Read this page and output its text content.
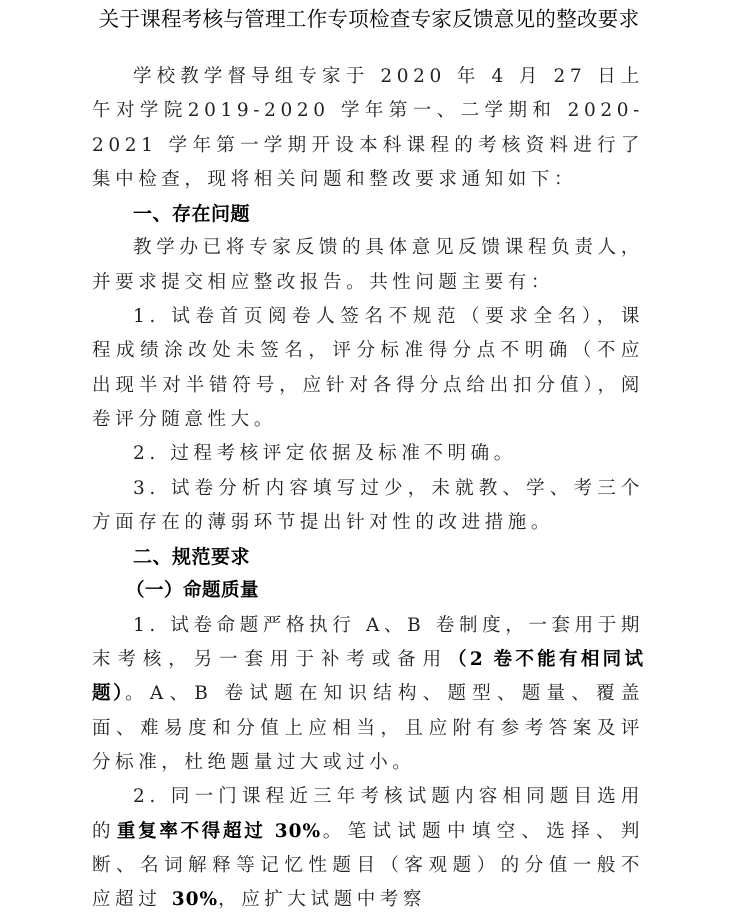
关于课程考核与管理工作专项检查专家反馈意见的整改要求

学校教学督导组专家于 2020 年 4 月 27 日上午对学院2019-2020 学年第一、二学期和 2020-2021 学年第一学期开设本科课程的考核资料进行了集中检查，现将相关问题和整改要求通知如下：

一、存在问题

教学办已将专家反馈的具体意见反馈课程负责人，并要求提交相应整改报告。共性问题主要有：

1. 试卷首页阅卷人签名不规范（要求全名），课程成绩涂改处未签名，评分标准得分点不明确（不应出现半对半错符号，应针对各得分点给出扣分值），阅卷评分随意性大。

2. 过程考核评定依据及标准不明确。

3. 试卷分析内容填写过少，未就教、学、考三个方面存在的薄弱环节提出针对性的改进措施。

二、规范要求

（一）命题质量

1. 试卷命题严格执行 A、B 卷制度，一套用于期末考核，另一套用于补考或备用（2 卷不能有相同试题）。A、B 卷试题在知识结构、题型、题量、覆盖面、难易度和分值上应相当，且应附有参考答案及评分标准，杜绝题量过大或过小。

2. 同一门课程近三年考核试题内容相同题目选用的重复率不得超过 30%。笔试试题中填空、选择、判断、名词解释等记忆性题目（客观题）的分值一般不应超过 30%，应扩大试题中考察
